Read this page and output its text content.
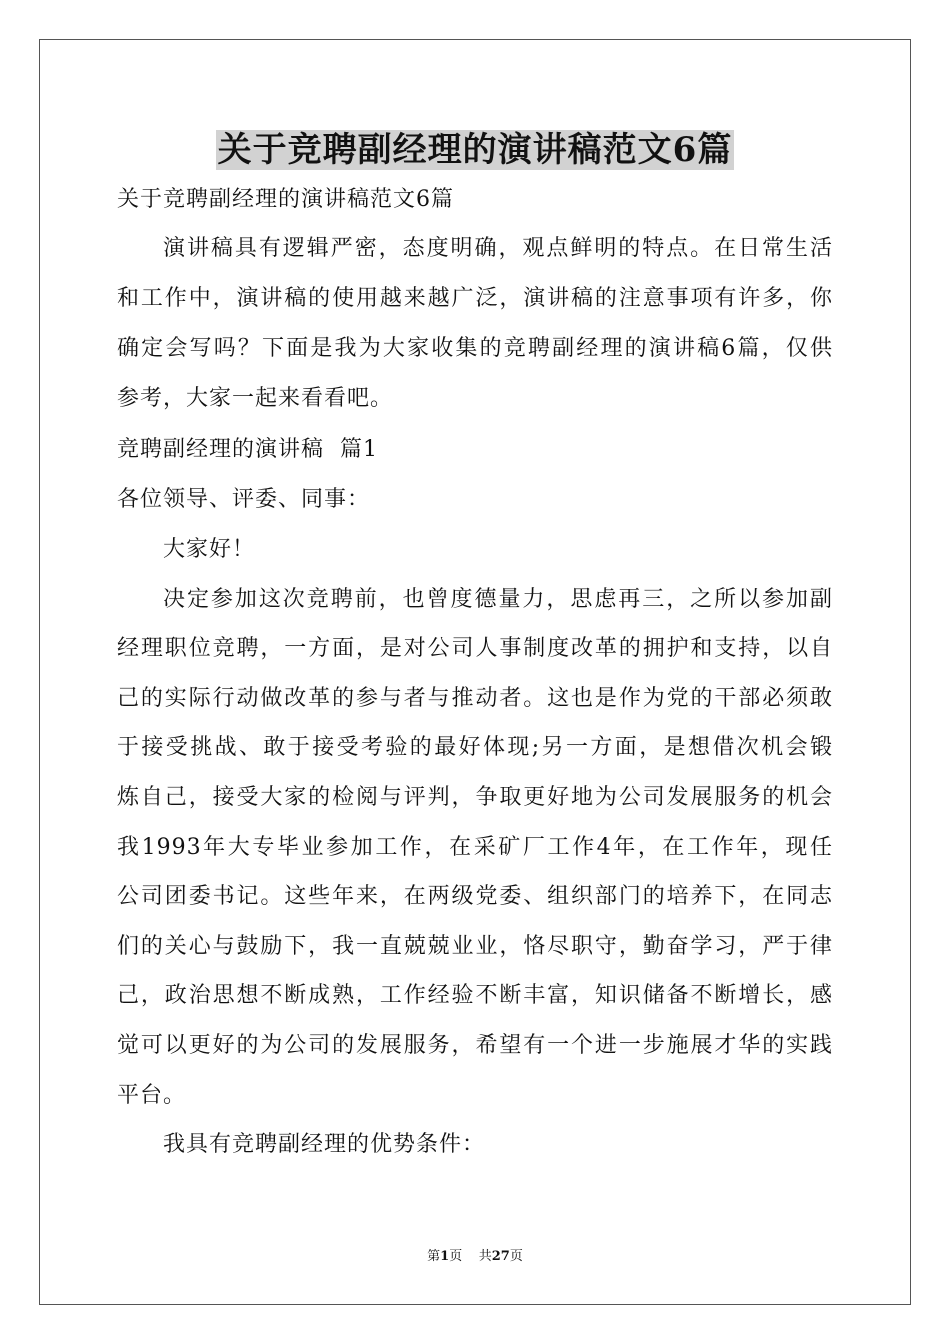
关于竞聘副经理的演讲稿范文6篇
关于竞聘副经理的演讲稿范文6篇
演讲稿具有逻辑严密，态度明确，观点鲜明的特点。在日常生活
和工作中，演讲稿的使用越来越广泛，演讲稿的注意事项有许多，你
确定会写吗？下面是我为大家收集的竞聘副经理的演讲稿6篇，仅供
参考，大家一起来看看吧。
竞聘副经理的演讲稿  篇1
各位领导、评委、同事：
大家好！
决定参加这次竞聘前，也曾度德量力，思虑再三，之所以参加副
经理职位竞聘，一方面，是对公司人事制度改革的拥护和支持，以自
己的实际行动做改革的参与者与推动者。这也是作为党的干部必须敢
于接受挑战、敢于接受考验的最好体现;另一方面，是想借次机会锻
炼自己，接受大家的检阅与评判，争取更好地为公司发展服务的机会
我1993年大专毕业参加工作，在采矿厂工作4年，在工作年，现任
公司团委书记。这些年来，在两级党委、组织部门的培养下，在同志
们的关心与鼓励下，我一直兢兢业业，恪尽职守，勤奋学习，严于律
己，政治思想不断成熟，工作经验不断丰富，知识储备不断增长，感
觉可以更好的为公司的发展服务，希望有一个进一步施展才华的实践
平台。
我具有竞聘副经理的优势条件：
第1页 共27页
